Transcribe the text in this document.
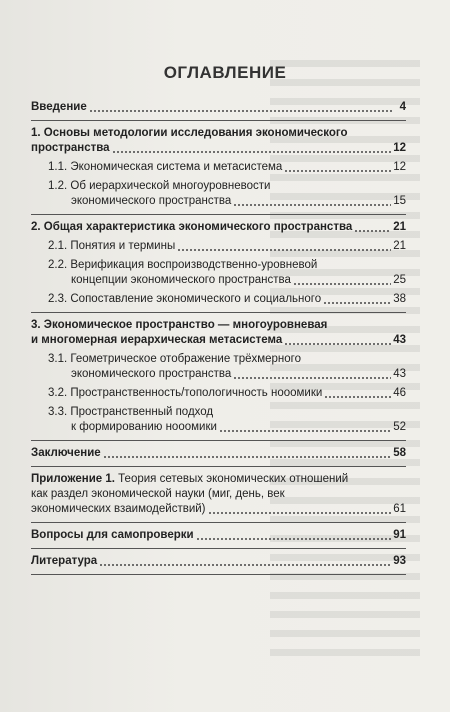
ОГЛАВЛЕНИЕ
Введение	4
1. Основы методологии исследования экономического
пространства	12
1.1. Экономическая система и метасистема	12
1.2. Об иерархической многоуровневости
экономического пространства	15
2. Общая характеристика экономического пространства	21
2.1. Понятия и термины	21
2.2. Верификация воспроизводственно-уровневой
концепции экономического пространства	25
2.3. Сопоставление экономического и социального	38
3. Экономическое пространство — многоуровневая
и многомерная иерархическая метасистема	43
3.1. Геометрическое отображение трёхмерного
экономического пространства	43
3.2. Пространственность/топологичность нооомики	46
3.3. Пространственный подход
к формированию нооомики	52
Заключение	58
Приложение 1. Теория сетевых экономических отношений
как раздел экономической науки (миг, день, век
экономических взаимодействий)	61
Вопросы для самопроверки	91
Литература	93
